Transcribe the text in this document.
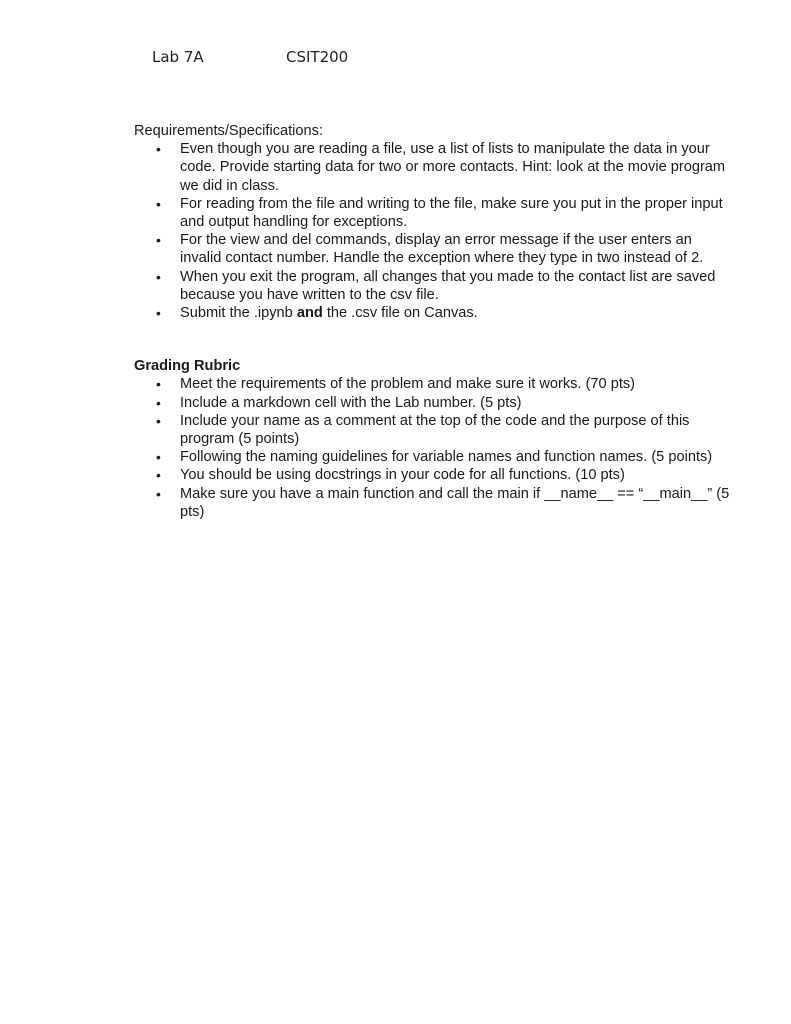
Lab 7A	CSIT200

Requirements/Specifications:

• Even though you are reading a file, use a list of lists to manipulate the data in your code. Provide starting data for two or more contacts. Hint: look at the movie program we did in class.
• For reading from the file and writing to the file, make sure you put in the proper input and output handling for exceptions.
• For the view and del commands, display an error message if the user enters an invalid contact number. Handle the exception where they type in two instead of 2.
• When you exit the program, all changes that you made to the contact list are saved because you have written to the csv file.
• Submit the .ipynb and the .csv file on Canvas.

Grading Rubric

• Meet the requirements of the problem and make sure it works. (70 pts)
• Include a markdown cell with the Lab number. (5 pts)
• Include your name as a comment at the top of the code and the purpose of this program (5 points)
• Following the naming guidelines for variable names and function names. (5 points)
• You should be using docstrings in your code for all functions. (10 pts)
• Make sure you have a main function and call the main if __name__ == “__main__” (5 pts)
